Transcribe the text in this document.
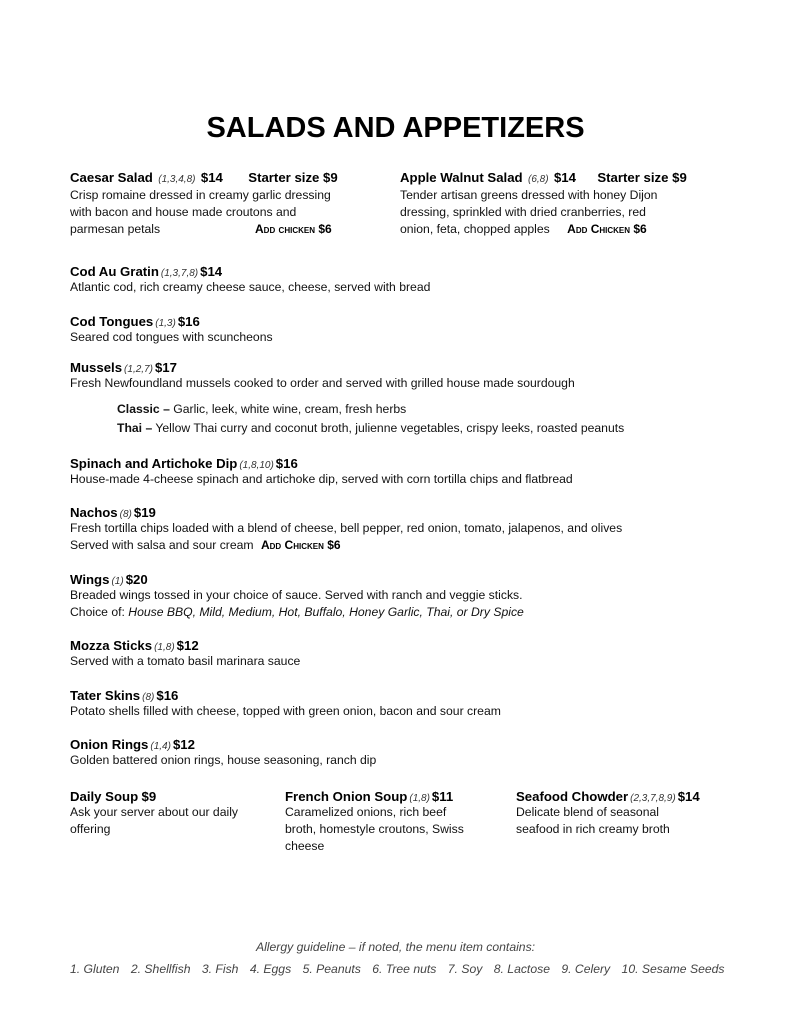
SALADS AND APPETIZERS
Caesar Salad (1,3,4,8) $14 Starter size $9
Crisp romaine dressed in creamy garlic dressing
with bacon and house made croutons and
parmesan petals	Add chicken $6
Apple Walnut Salad (6,8) $14 Starter size $9
Tender artisan greens dressed with honey Dijon
dressing, sprinkled with dried cranberries, red
onion, feta, chopped apples Add Chicken $6
Cod Au Gratin (1,3,7,8) $14
Atlantic cod, rich creamy cheese sauce, cheese, served with bread
Cod Tongues (1,3) $16
Seared cod tongues with scuncheons
Mussels (1,2,7) $17
Fresh Newfoundland mussels cooked to order and served with grilled house made sourdough
Classic – Garlic, leek, white wine, cream, fresh herbs
Thai – Yellow Thai curry and coconut broth, julienne vegetables, crispy leeks, roasted peanuts
Spinach and Artichoke Dip (1,8,10) $16
House-made 4-cheese spinach and artichoke dip, served with corn tortilla chips and flatbread
Nachos (8) $19
Fresh tortilla chips loaded with a blend of cheese, bell pepper, red onion, tomato, jalapenos, and olives
Served with salsa and sour cream Add Chicken $6
Wings (1) $20
Breaded wings tossed in your choice of sauce. Served with ranch and veggie sticks.
Choice of: House BBQ, Mild, Medium, Hot, Buffalo, Honey Garlic, Thai, or Dry Spice
Mozza Sticks (1,8) $12
Served with a tomato basil marinara sauce
Tater Skins (8) $16
Potato shells filled with cheese, topped with green onion, bacon and sour cream
Onion Rings (1,4) $12
Golden battered onion rings, house seasoning, ranch dip
Daily Soup $9
Ask your server about our daily
offering
French Onion Soup (1,8) $11
Caramelized onions, rich beef
broth, homestyle croutons, Swiss
cheese
Seafood Chowder (2,3,7,8,9) $14
Delicate blend of seasonal
seafood in rich creamy broth
Allergy guideline – if noted, the menu item contains:
1. Gluten 2. Shellfish 3. Fish 4. Eggs 5. Peanuts 6. Tree nuts 7. Soy 8. Lactose 9. Celery 10. Sesame Seeds
